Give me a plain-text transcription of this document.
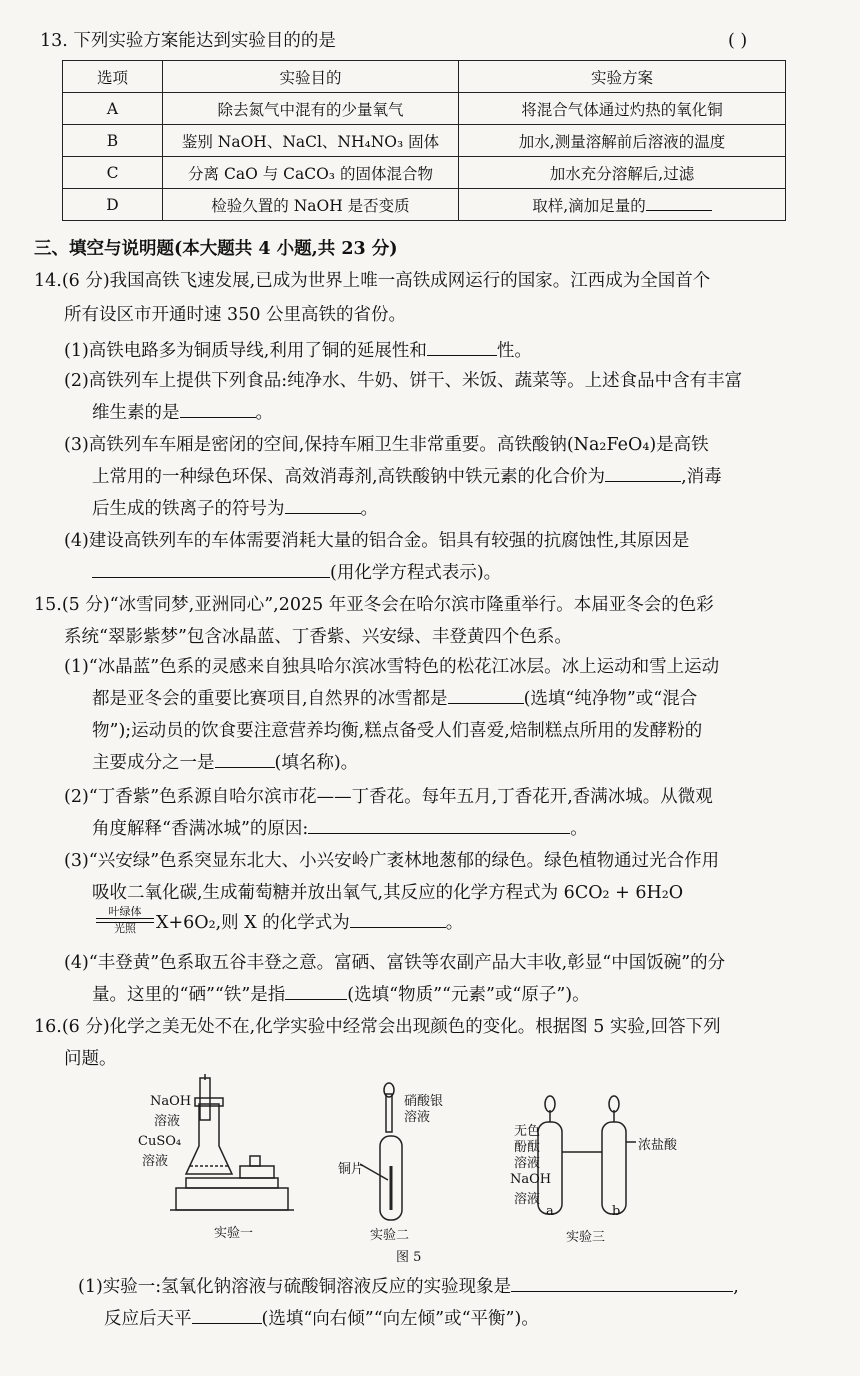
13. 下列实验方案能达到实验目的的是	( )
选项	实验目的	实验方案
A	除去氮气中混有的少量氧气	将混合气体通过灼热的氧化铜
B	鉴别 NaOH、NaCl、NH₄NO₃ 固体	加水,测量溶解前后溶液的温度
C	分离 CaO 与 CaCO₃ 的固体混合物	加水充分溶解后,过滤
D	检验久置的 NaOH 是否变质	取样,滴加足量的
三、填空与说明题(本大题共 4 小题,共 23 分)
14.(6 分)我国高铁飞速发展,已成为世界上唯一高铁成网运行的国家。江西成为全国首个
所有设区市开通时速 350 公里高铁的省份。
(1)高铁电路多为铜质导线,利用了铜的延展性和	性。
(2)高铁列车上提供下列食品:纯净水、牛奶、饼干、米饭、蔬菜等。上述食品中含有丰富
维生素的是	。
(3)高铁列车车厢是密闭的空间,保持车厢卫生非常重要。高铁酸钠(Na₂FeO₄)是高铁
上常用的一种绿色环保、高效消毒剂,高铁酸钠中铁元素的化合价为	,消毒
后生成的铁离子的符号为	。
(4)建设高铁列车的车体需要消耗大量的铝合金。铝具有较强的抗腐蚀性,其原因是
(用化学方程式表示)。
15.(5 分)“冰雪同梦,亚洲同心”,2025 年亚冬会在哈尔滨市隆重举行。本届亚冬会的色彩
系统“翠影紫梦”包含冰晶蓝、丁香紫、兴安绿、丰登黄四个色系。
(1)“冰晶蓝”色系的灵感来自独具哈尔滨冰雪特色的松花江冰层。冰上运动和雪上运动
都是亚冬会的重要比赛项目,自然界的冰雪都是	(选填“纯净物”或“混合
物”);运动员的饮食要注意营养均衡,糕点备受人们喜爱,焙制糕点所用的发酵粉的
主要成分之一是	(填名称)。
(2)“丁香紫”色系源自哈尔滨市花——丁香花。每年五月,丁香花开,香满冰城。从微观
角度解释“香满冰城”的原因:	。
(3)“兴安绿”色系突显东北大、小兴安岭广袤林地葱郁的绿色。绿色植物通过光合作用
吸收二氧化碳,生成葡萄糖并放出氧气,其反应的化学方程式为 6CO₂ + 6H₂O
叶绿体
光照	X+6O₂,则 X 的化学式为	。
(4)“丰登黄”色系取五谷丰登之意。富硒、富铁等农副产品大丰收,彰显“中国饭碗”的分
量。这里的“硒”“铁”是指	(选填“物质”“元素”或“原子”)。
16.(6 分)化学之美无处不在,化学实验中经常会出现颜色的变化。根据图 5 实验,回答下列
问题。
NaOH
溶液
CuSO₄
溶液
实验一
硝酸银
溶液
铜片
实验二
无色
酚酞
溶液
NaOH
溶液
浓盐酸
a	b
实验三
图 5
(1)实验一:氢氧化钠溶液与硫酸铜溶液反应的实验现象是	,
反应后天平	(选填“向右倾”“向左倾”或“平衡”)。
